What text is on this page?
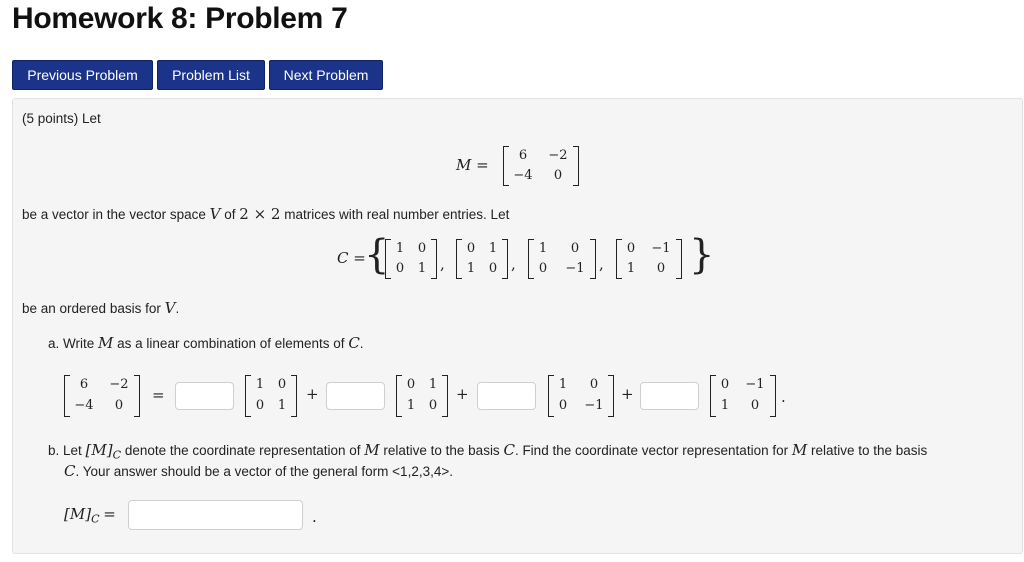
Homework 8: Problem 7
Previous Problem	Problem List	Next Problem
(5 points) Let
M =
6	−2
−4	0
be a vector in the vector space V of 2 × 2 matrices with real number entries. Let
C =
{	}
1	0
0	1 ,
0	1
1	0 ,
1	0
0	−1 ,
0	−1
1	0
be an ordered basis for V.
a. Write M as a linear combination of elements of C.
6	−2
−4	0
=
1	0
0	1
+
0	1
1	0
+
1	0
0	−1
+
0	−1
1	0	.
b. Let $[M]_C$ denote the coordinate representation of M relative to the basis C. Find the coordinate vector representation for M relative to the basis
C. Your answer should be a vector of the general form <1,2,3,4>.
$[M]_C$ =	.
